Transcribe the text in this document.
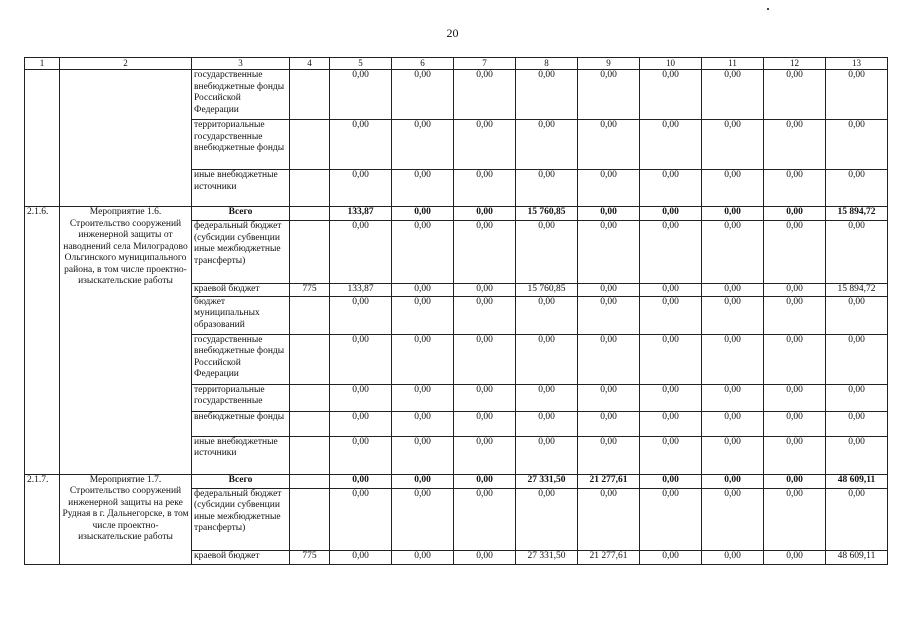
20
1	2	3	4	5	6	7	8	9	10	11	12	13
		государственные внебюджетные фонды Российской Федерации		0,00	0,00	0,00	0,00	0,00	0,00	0,00	0,00	0,00
		территориальные государственные внебюджетные фонды		0,00	0,00	0,00	0,00	0,00	0,00	0,00	0,00	0,00
		иные внебюджетные источники		0,00	0,00	0,00	0,00	0,00	0,00	0,00	0,00	0,00
2.1.6.	Мероприятие 1.6. Строительство сооружений инженерной защиты от наводнений села Милоградово Ольгинского муниципального района, в том числе проектно-изыскательские работы	Всего		133,87	0,00	0,00	15 760,85	0,00	0,00	0,00	0,00	15 894,72
		федеральный бюджет (субсидии субвенции иные межбюджетные трансферты)		0,00	0,00	0,00	0,00	0,00	0,00	0,00	0,00	0,00
		краевой бюджет	775	133,87	0,00	0,00	15 760,85	0,00	0,00	0,00	0,00	15 894,72
		бюджет муниципальных образований		0,00	0,00	0,00	0,00	0,00	0,00	0,00	0,00	0,00
		государственные внебюджетные фонды Российской Федерации		0,00	0,00	0,00	0,00	0,00	0,00	0,00	0,00	0,00
		территориальные государственные		0,00	0,00	0,00	0,00	0,00	0,00	0,00	0,00	0,00
		внебюджетные фонды		0,00	0,00	0,00	0,00	0,00	0,00	0,00	0,00	0,00
		иные внебюджетные источники		0,00	0,00	0,00	0,00	0,00	0,00	0,00	0,00	0,00
2.1.7.	Мероприятие 1.7. Строительство сооружений инженерной защиты на реке Рудная в г. Дальнегорске, в том числе проектно-изыскательские работы	Всего		0,00	0,00	0,00	27 331,50	21 277,61	0,00	0,00	0,00	48 609,11
		федеральный бюджет (субсидии субвенции иные межбюджетные трансферты)		0,00	0,00	0,00	0,00	0,00	0,00	0,00	0,00	0,00
		краевой бюджет	775	0,00	0,00	0,00	27 331,50	21 277,61	0,00	0,00	0,00	48 609,11
